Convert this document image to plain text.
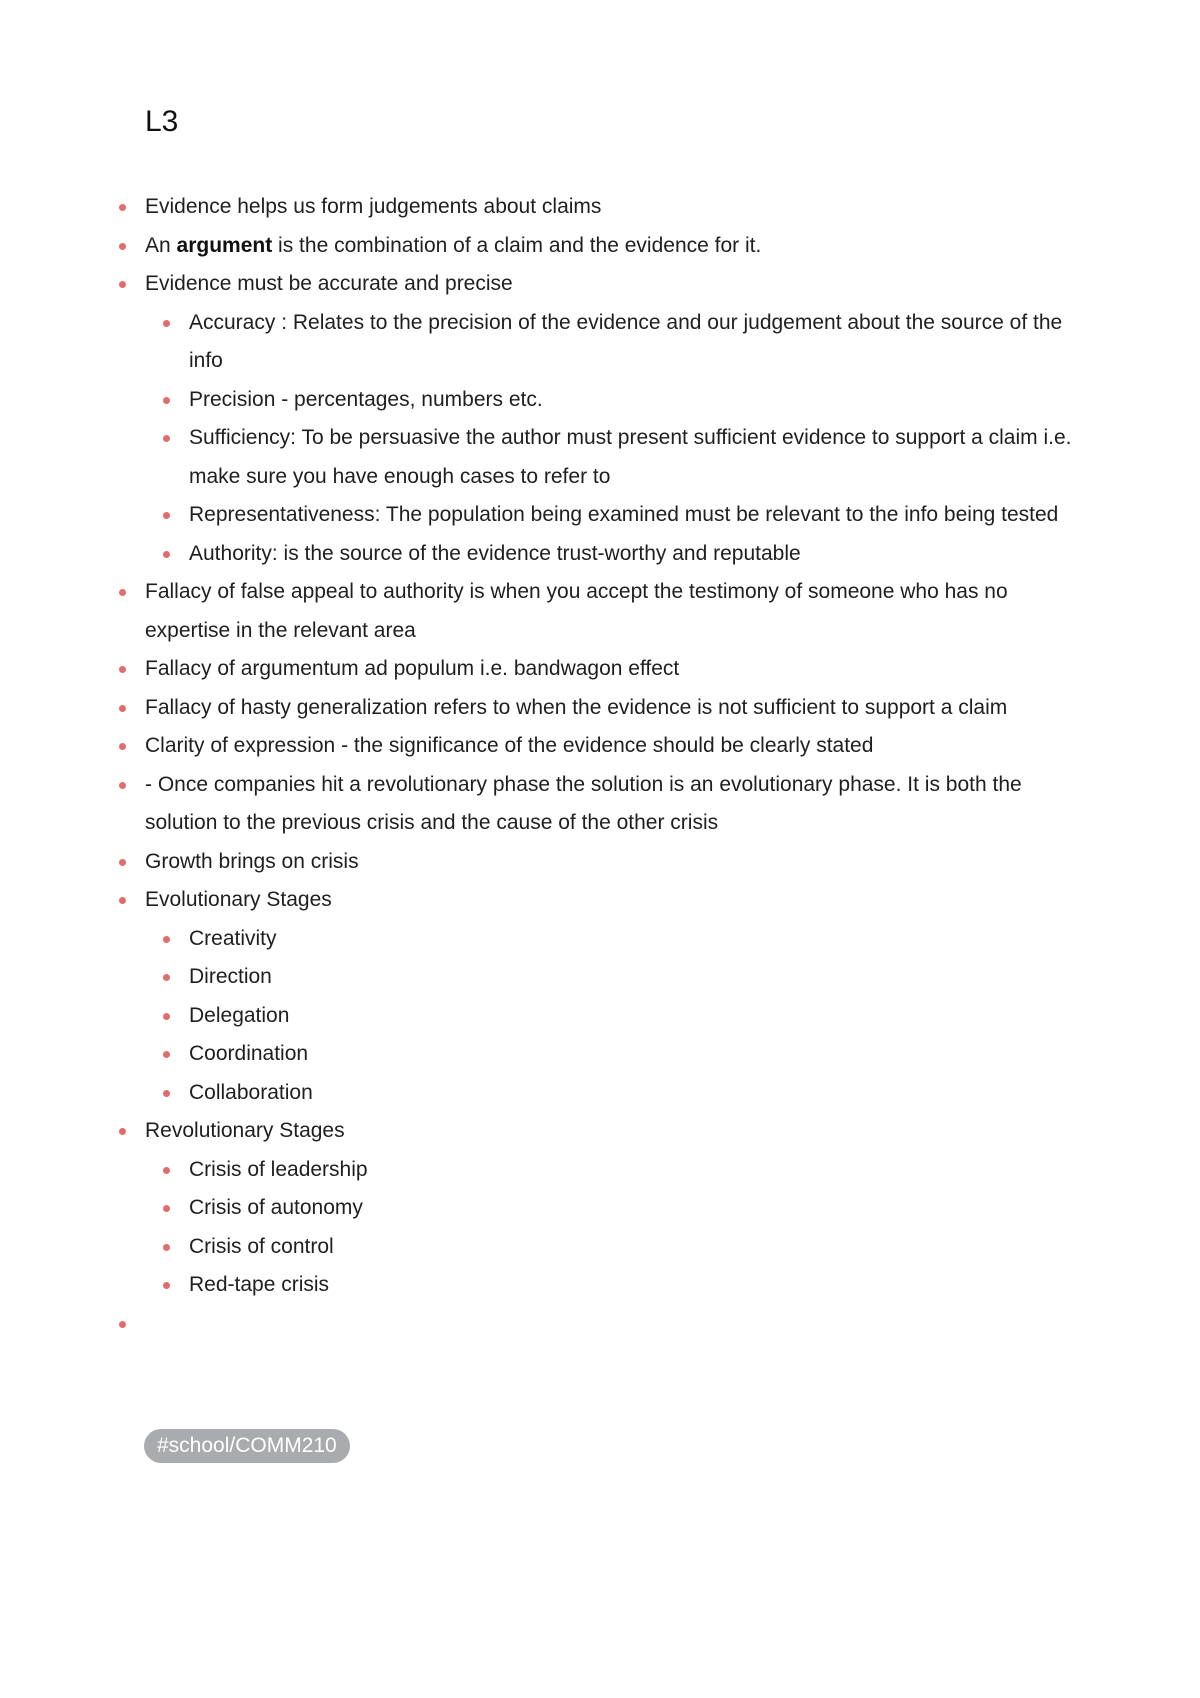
L3
Evidence helps us form judgements about claims
An argument is the combination of a claim and the evidence for it.
Evidence must be accurate and precise
Accuracy : Relates to the precision of the evidence and our judgement about the source of the info
Precision - percentages, numbers etc.
Sufficiency: To be persuasive the author must present sufficient evidence to support a claim i.e. make sure you have enough cases to refer to
Representativeness: The population being examined must be relevant to the info being tested
Authority: is the source of the evidence trust-worthy and reputable
Fallacy of false appeal to authority is when you accept the testimony of someone who has no expertise in the relevant area
Fallacy of argumentum ad populum i.e. bandwagon effect
Fallacy of hasty generalization refers to when the evidence is not sufficient to support a claim
Clarity of expression - the significance of the evidence should be clearly stated
- Once companies hit a revolutionary phase the solution is an evolutionary phase. It is both the solution to the previous crisis and the cause of the other crisis
Growth brings on crisis
Evolutionary Stages
Creativity
Direction
Delegation
Coordination
Collaboration
Revolutionary Stages
Crisis of leadership
Crisis of autonomy
Crisis of control
Red-tape crisis
#school/COMM210
